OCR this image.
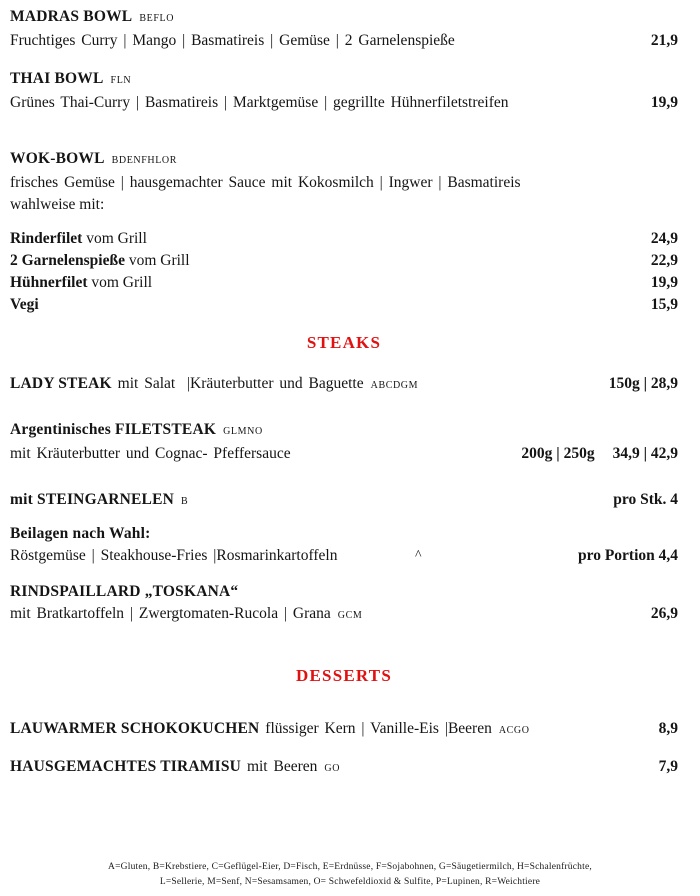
MADRAS BOWL BEFLO
Fruchtiges Curry | Mango | Basmatireis | Gemüse | 2 Garnelenspieße	21,9
THAI BOWL FLN
Grünes Thai-Curry | Basmatireis | Marktgemüse | gegrillte Hühnerfiletstreifen	19,9
WOK-BOWL BDENFHLOR
frisches Gemüse | hausgemachter Sauce mit Kokosmilch | Ingwer | Basmatireis
wahlweise mit:
Rinderfilet vom Grill	24,9
2 Garnelenspieße vom Grill	22,9
Hühnerfilet vom Grill	19,9
Vegi	15,9
STEAKS
LADY STEAK mit Salat  |Kräuterbutter und Baguette ABCDGM	150g | 28,9
Argentinisches FILETSTEAK GLMNO
mit Kräuterbutter und Cognac- Pfeffersauce	200g | 250g 34,9 | 42,9
mit STEINGARNELEN B	pro Stk. 4
Beilagen nach Wahl:
Röstgemüse | Steakhouse-Fries |Rosmarinkartoffeln	^	pro Portion 4,4
RINDSPAILLARD „TOSKANA“
mit Bratkartoffeln | Zwergtomaten-Rucola | Grana GCM	26,9
DESSERTS
LAUWARMER SCHOKOKUCHEN flüssiger Kern | Vanille-Eis |Beeren ACGO	8,9
HAUSGEMACHTES TIRAMISU mit Beeren GO	7,9
A=Gluten, B=Krebstiere, C=Geflügel-Eier, D=Fisch, E=Erdnüsse, F=Sojabohnen, G=Säugetiermilch, H=Schalenfrüchte,
L=Sellerie, M=Senf, N=Sesamsamen, O= Schwefeldioxid & Sulfite, P=Lupinen, R=Weichtiere
